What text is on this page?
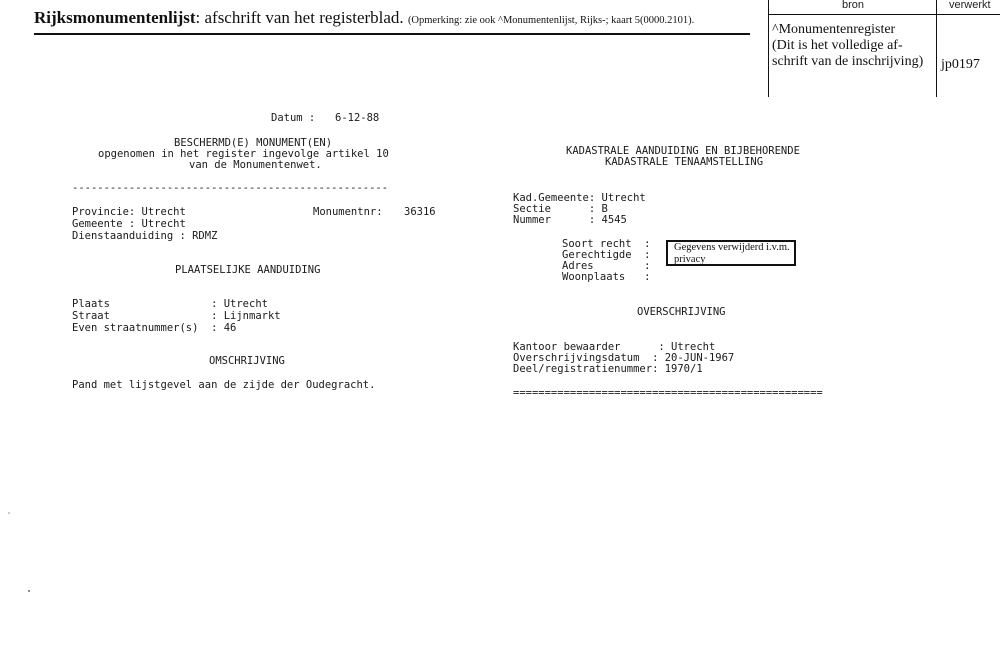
Rijksmonumentenlijst: afschrift van het registerblad. (Opmerking: zie ook ^Monumentenlijst, Rijks-; kaart 5(0000.2101).
bron	verwerkt
^Monumentenregister
(Dit is het volledige af-
schrift van de inschrijving)	jp0197
Datum : 6-12-88
BESCHERMD(E) MONUMENT(EN)
opgenomen in het register ingevolge artikel 10
van de Monumentenwet.
--------------------------------------------------
Provincie: Utrecht	Monumentnr: 36316
Gemeente : Utrecht
Dienstaanduiding : RDMZ
PLAATSELIJKE AANDUIDING
Plaats                : Utrecht
Straat                : Lijnmarkt
Even straatnummer(s)  : 46
OMSCHRIJVING
Pand met lijstgevel aan de zijde der Oudegracht.
KADASTRALE AANDUIDING EN BIJBEHORENDE
KADASTRALE TENAAMSTELLING
Kad.Gemeente: Utrecht
Sectie      : B
Nummer      : 4545
Soort recht  :
Gerechtigde  :
Adres        :
Woonplaats   :
Gegevens verwijderd i.v.m.
privacy
OVERSCHRIJVING
Kantoor bewaarder      : Utrecht
Overschrijvingsdatum  : 20-JUN-1967
Deel/registratienummer: 1970/1
=================================================
